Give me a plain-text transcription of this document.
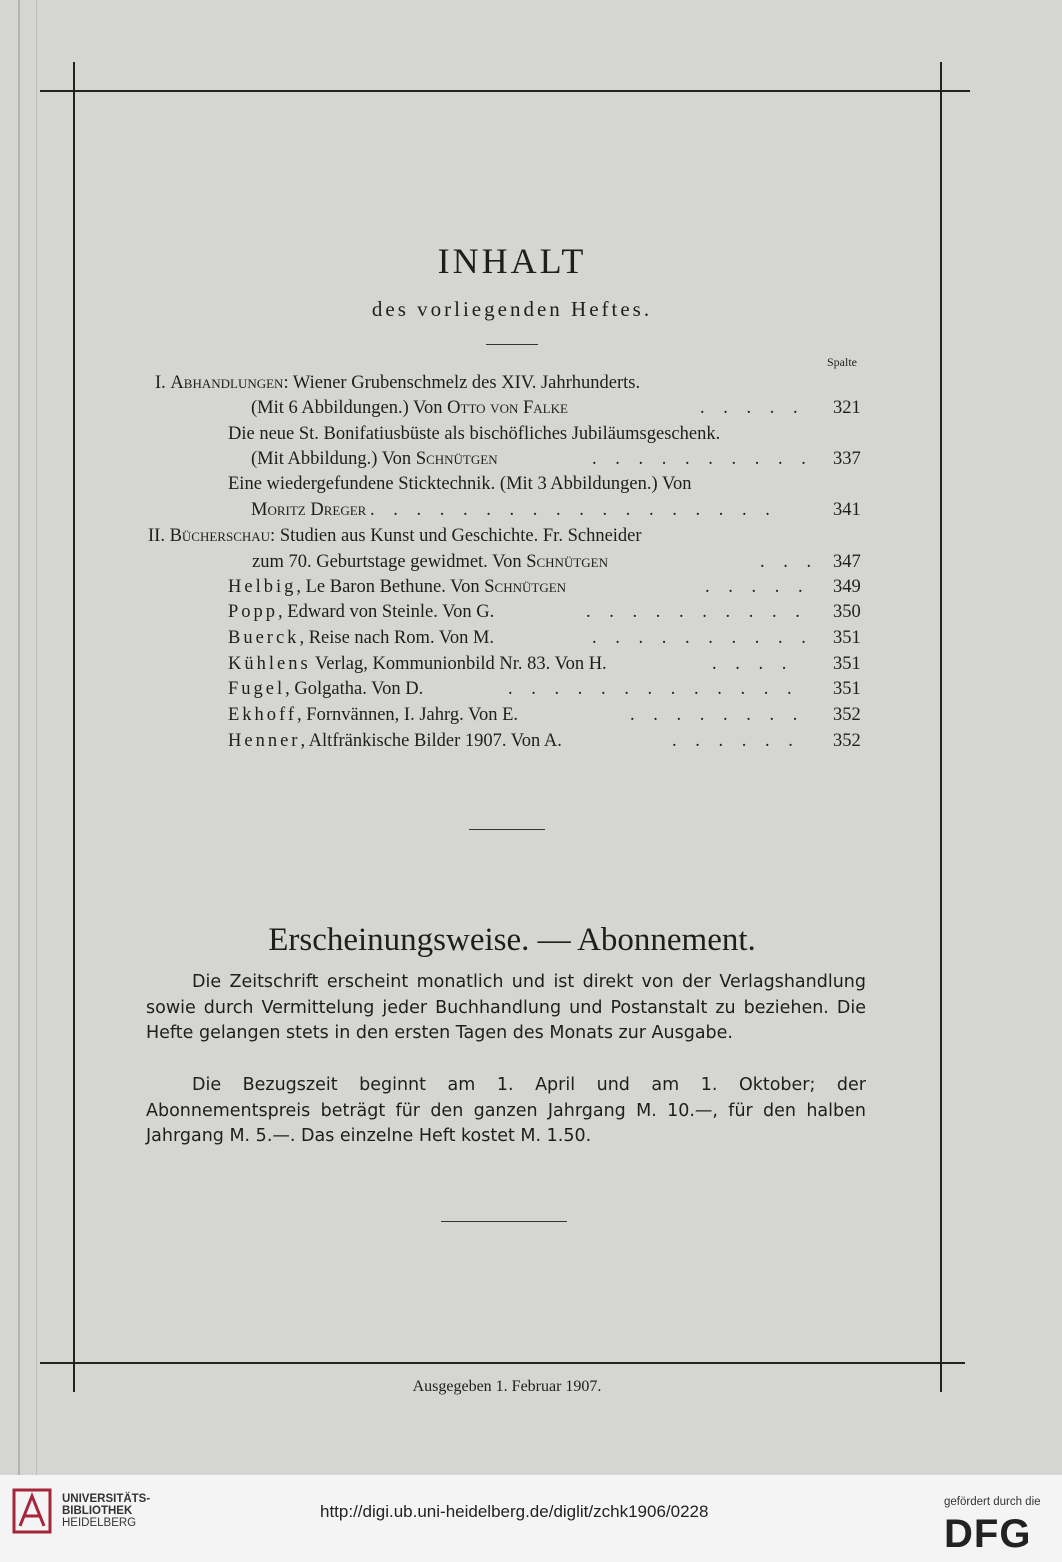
INHALT
des vorliegenden Heftes.
Spalte
I. Abhandlungen: Wiener Grubenschmelz des XIV. Jahrhunderts.
(Mit 6 Abbildungen.) Von Otto von Falke	. . . . . 321
Die neue St. Bonifatiusbüste als bischöfliches Jubiläumsgeschenk.
(Mit Abbildung.) Von Schnütgen	. . . . . . . . . . 337
Eine wiedergefundene Sticktechnik. (Mit 3 Abbildungen.) Von
Moritz Dreger . . . . . . . . . . . . . . . . . .	341
II. Bücherschau: Studien aus Kunst und Geschichte. Fr. Schneider
zum 70. Geburtstage gewidmet. Von Schnütgen	. . . 347
Helbig, Le Baron Bethune. Von Schnütgen	. . . . . 349
Popp, Edward von Steinle. Von G.	. . . . . . . . . . 350
Buerck, Reise nach Rom. Von M.	. . . . . . . . . . 351
Kühlens Verlag, Kommunionbild Nr. 83. Von H.	. . . . 351
Fugel, Golgatha. Von D.	. . . . . . . . . . . . . 351
Ekhoff, Fornvännen, I. Jahrg. Von E.	. . . . . . . . 352
Henner, Altfränkische Bilder 1907. Von A.	. . . . . . 352
Erscheinungsweise. — Abonnement.
Die Zeitschrift erscheint monatlich und ist direkt von der Verlagshandlung sowie durch Vermittelung jeder Buchhandlung und Postanstalt zu beziehen. Die Hefte gelangen stets in den ersten Tagen des Monats zur Ausgabe.
Die Bezugszeit beginnt am 1. April und am 1. Oktober; der Abonnementspreis beträgt für den ganzen Jahrgang M. 10.—, für den halben Jahrgang M. 5.—. Das einzelne Heft kostet M. 1.50.
Ausgegeben 1. Februar 1907.
UNIVERSITÄTS-
BIBLIOTHEK
HEIDELBERG
http://digi.ub.uni-heidelberg.de/diglit/zchk1906/0228	gefördert durch die
DFG
